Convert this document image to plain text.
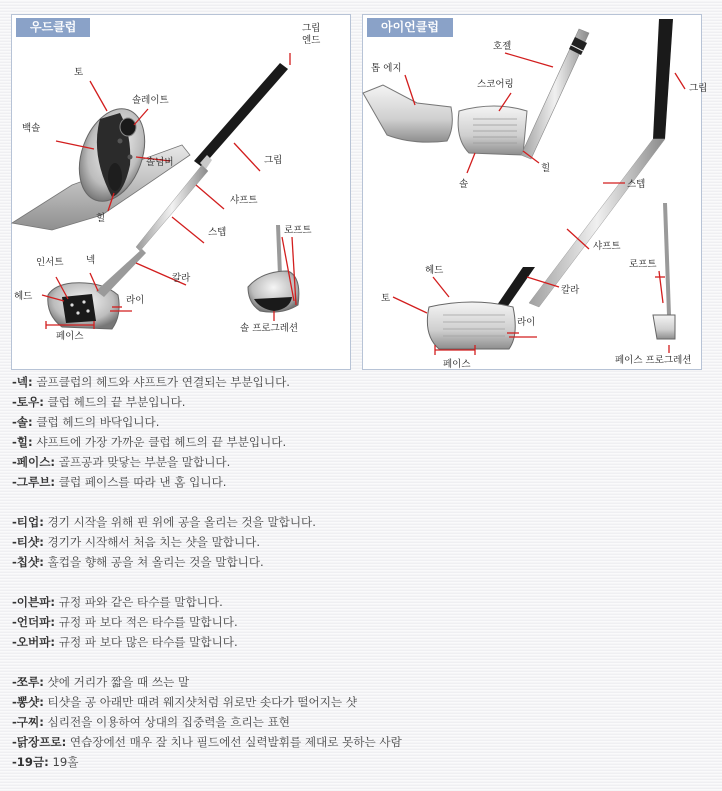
우드클럽
토
솔레이트
백솔
솔넘버
그립
엔드
그립
샤프트
스텝
힐
인서트 넥
칼라
헤드	라이
페이스
로프트
솔 프로그레션
아이언클럽
호젤
톱 에지
스코어링	그립
솔
힐
스텝
샤프트
헤드
토
칼라
라이
페이스
로프트
페이스 프로그레션
-넥: 골프클럽의 헤드와 샤프트가 연결되는 부분입니다.
-토우: 클럽 헤드의 끝 부분입니다.
-솔: 클럽 헤드의 바닥입니다.
-힐: 샤프트에 가장 가까운 클럽 헤드의 끝 부분입니다.
-페이스: 골프공과 맞닿는 부분을 말합니다.
-그루브: 클럽 페이스를 따라 낸 홈 입니다.
-티업: 경기 시작을 위해 핀 위에 공을 올리는 것을 말합니다.
-티샷: 경기가 시작해서 처음 치는 샷을 말합니다.
-칩샷: 홀컵을 향해 공을 쳐 올리는 것을 말합니다.
-이븐파: 규정 파와 같은 타수를 말합니다.
-언더파: 규정 파 보다 적은 타수를 말합니다.
-오버파: 규정 파 보다 많은 타수를 말합니다.
-쪼루: 샷에 거리가 짧을 때 쓰는 말
-뽕샷: 티샷을 공 아래만 때려 웨지샷처럼 위로만 솟다가 떨어지는 샷
-구찌: 심리전을 이용하여 상대의 집중력을 흐리는 표현
-닭장프로: 연습장에선 매우 잘 치나 필드에선 실력발휘를 제대로 못하는 사람
-19금: 19홀
